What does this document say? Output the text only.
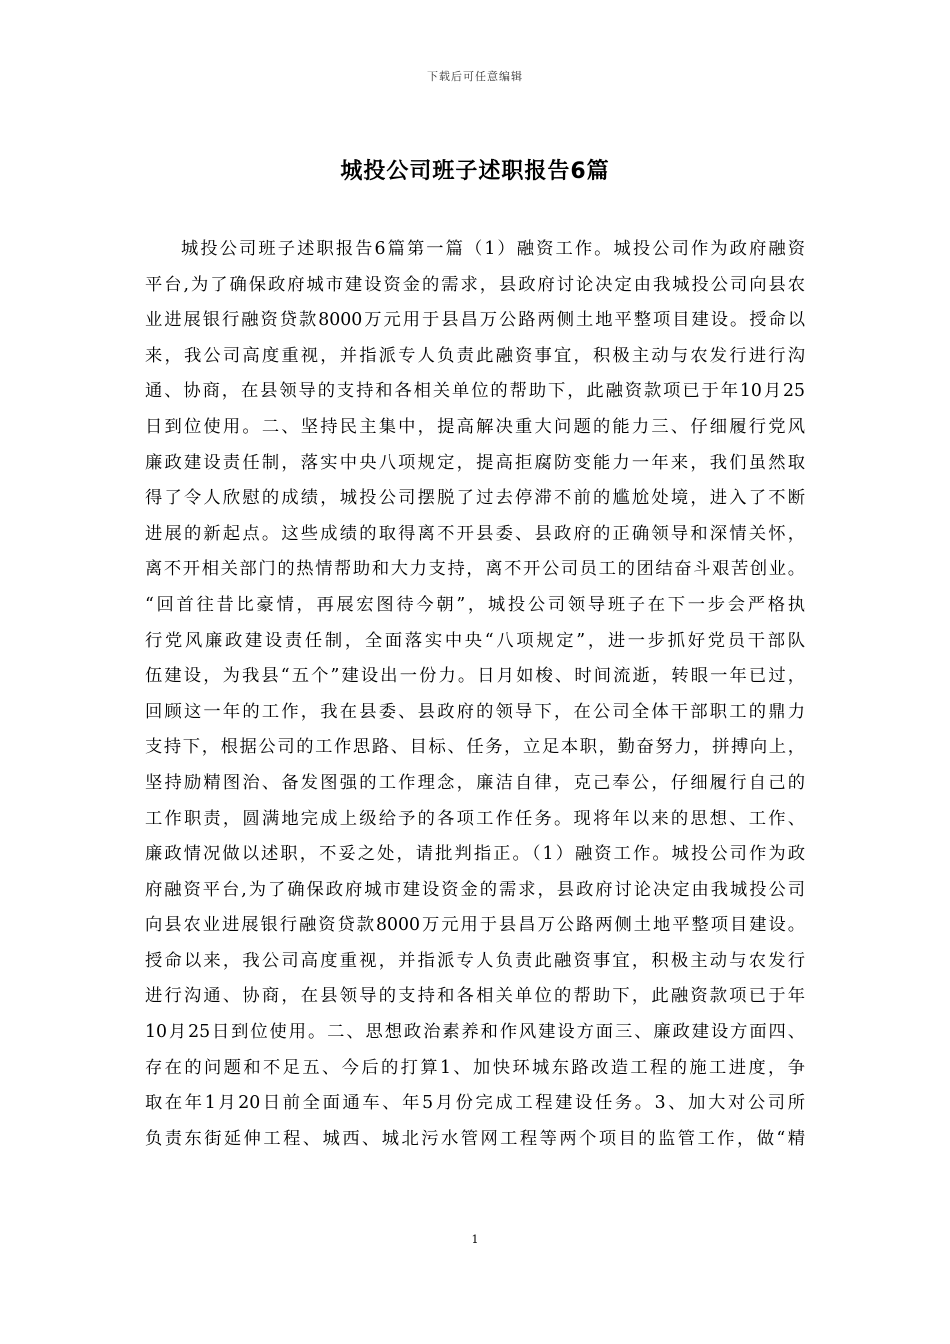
下载后可任意编辑
城投公司班子述职报告6篇
城投公司班子述职报告6篇第一篇（1）融资工作。城投公司作为政府融资
平台,为了确保政府城市建设资金的需求，县政府讨论决定由我城投公司向县农
业进展银行融资贷款8000万元用于县昌万公路两侧土地平整项目建设。授命以
来，我公司高度重视，并指派专人负责此融资事宜，积极主动与农发行进行沟
通、协商，在县领导的支持和各相关单位的帮助下，此融资款项已于年10月25
日到位使用。二、坚持民主集中，提高解决重大问题的能力三、仔细履行党风
廉政建设责任制，落实中央八项规定，提高拒腐防变能力一年来，我们虽然取
得了令人欣慰的成绩，城投公司摆脱了过去停滞不前的尴尬处境，进入了不断
进展的新起点。这些成绩的取得离不开县委、县政府的正确领导和深情关怀，
离不开相关部门的热情帮助和大力支持，离不开公司员工的团结奋斗艰苦创业。
“回首往昔比豪情，再展宏图待今朝”，城投公司领导班子在下一步会严格执
行党风廉政建设责任制，全面落实中央“八项规定”，进一步抓好党员干部队
伍建设，为我县“五个”建设出一份力。日月如梭、时间流逝，转眼一年已过，
回顾这一年的工作，我在县委、县政府的领导下，在公司全体干部职工的鼎力
支持下，根据公司的工作思路、目标、任务，立足本职，勤奋努力，拼搏向上，
坚持励精图治、备发图强的工作理念，廉洁自律，克己奉公，仔细履行自己的
工作职责，圆满地完成上级给予的各项工作任务。现将年以来的思想、工作、
廉政情况做以述职，不妥之处，请批判指正。（1）融资工作。城投公司作为政
府融资平台,为了确保政府城市建设资金的需求，县政府讨论决定由我城投公司
向县农业进展银行融资贷款8000万元用于县昌万公路两侧土地平整项目建设。
授命以来，我公司高度重视，并指派专人负责此融资事宜，积极主动与农发行
进行沟通、协商，在县领导的支持和各相关单位的帮助下，此融资款项已于年
10月25日到位使用。二、思想政治素养和作风建设方面三、廉政建设方面四、
存在的问题和不足五、今后的打算1、加快环城东路改造工程的施工进度，争
取在年1月20日前全面通车、年5月份完成工程建设任务。3、加大对公司所
负责东街延伸工程、城西、城北污水管网工程等两个项目的监管工作，做“精
1
